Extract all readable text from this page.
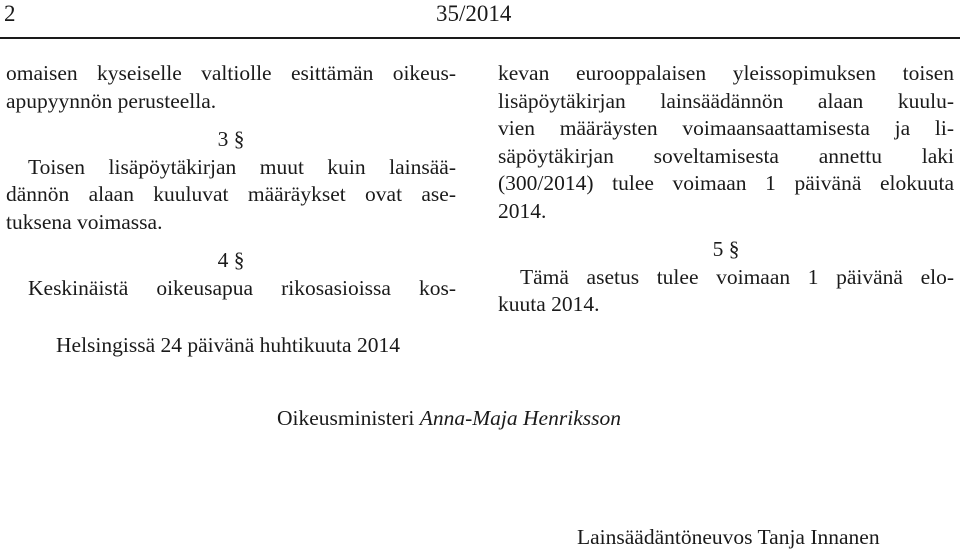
2	35/2014
omaisen kyseiselle valtiolle esittämän oikeus-
apupyynnön perusteella.
3 §
Toisen lisäpöytäkirjan muut kuin lainsää-
dännön alaan kuuluvat määräykset ovat ase-
tuksena voimassa.
4 §
Keskinäistä oikeusapua rikosasioissa kos-
kevan eurooppalaisen yleissopimuksen toisen
lisäpöytäkirjan lainsäädännön alaan kuulu-
vien määräysten voimaansaattamisesta ja li-
säpöytäkirjan soveltamisesta annettu laki
(300/2014) tulee voimaan 1 päivänä elokuuta
2014.
5 §
Tämä asetus tulee voimaan 1 päivänä elo-
kuuta 2014.
Helsingissä 24 päivänä huhtikuuta 2014
Oikeusministeri Anna-Maja Henriksson
Lainsäädäntöneuvos Tanja Innanen
